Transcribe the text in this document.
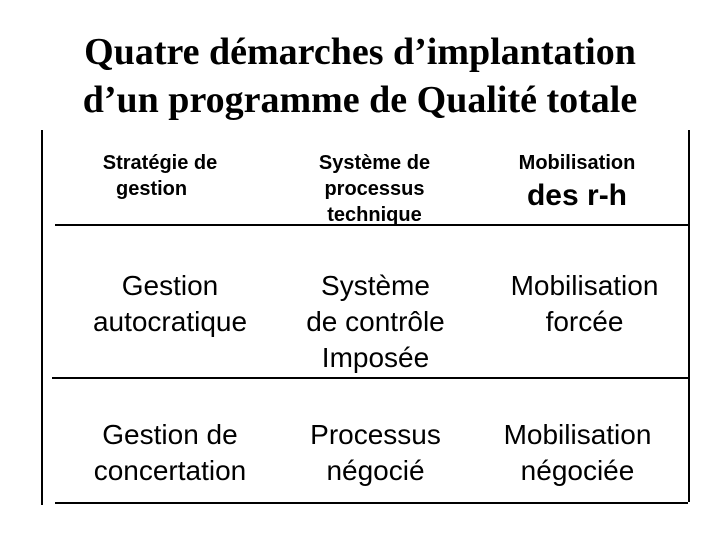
Quatre démarches d’implantation
d’un programme de Qualité totale
Stratégie de
gestion
Système de
processus
technique
Mobilisation
des r-h
Gestion
autocratique
Système
de contrôle
Imposée
Mobilisation
forcée
Gestion de
concertation
Processus
négocié
Mobilisation
négociée
